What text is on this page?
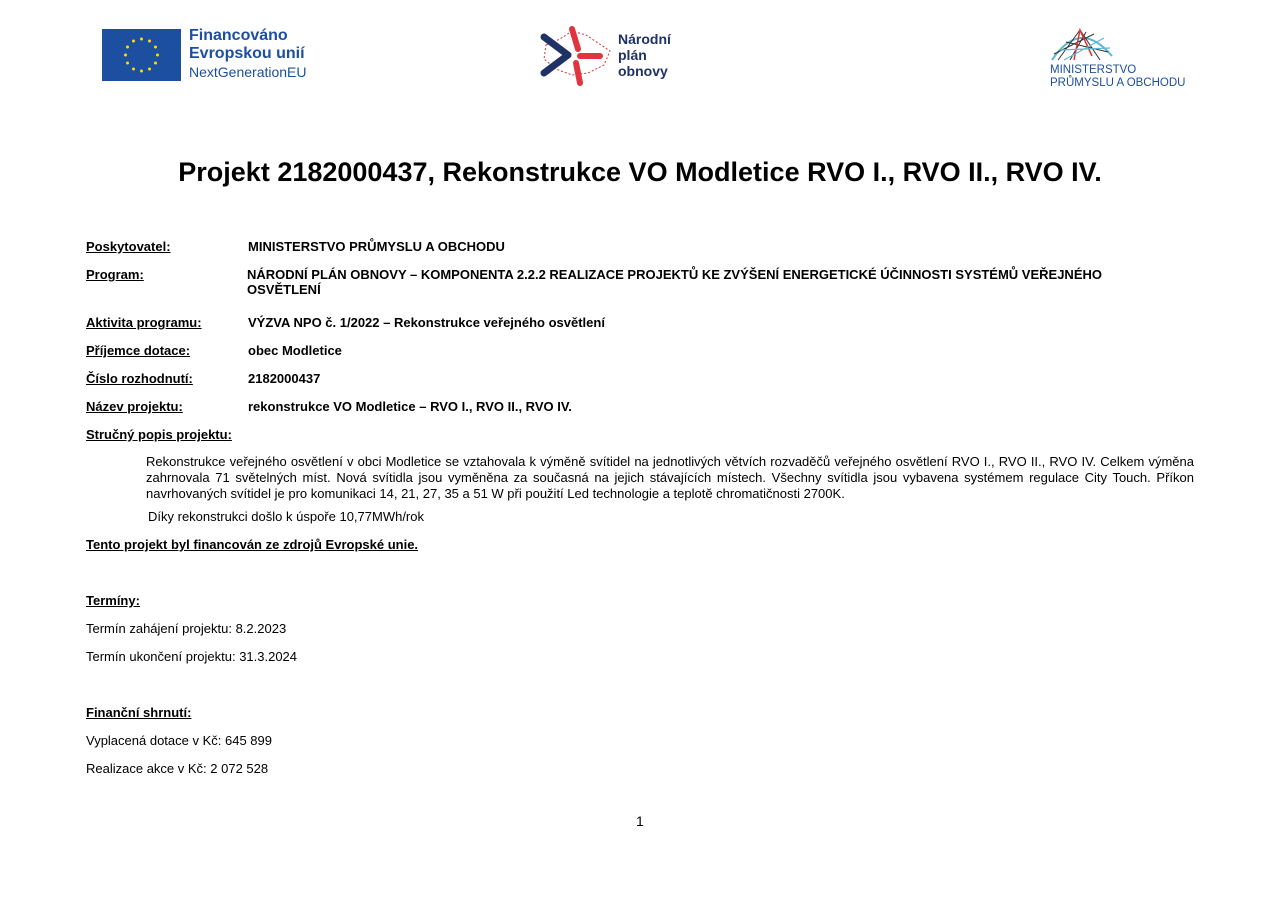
Financováno
Evropskou unií
NextGenerationEU
Národní
plán
obnovy	MINISTERSTVO
PRŮMYSLU A OBCHODU
Projekt 2182000437, Rekonstrukce VO Modletice RVO I., RVO II., RVO IV.
Poskytovatel:	MINISTERSTVO PRŮMYSLU A OBCHODU
Program:	NÁRODNÍ PLÁN OBNOVY – KOMPONENTA 2.2.2 REALIZACE PROJEKTŮ KE ZVÝŠENÍ ENERGETICKÉ ÚČINNOSTI SYSTÉMŮ VEŘEJNÉHO OSVĚTLENÍ
Aktivita programu:	VÝZVA NPO č. 1/2022 – Rekonstrukce veřejného osvětlení
Příjemce dotace:	obec Modletice
Číslo rozhodnutí:	2182000437
Název projektu:	rekonstrukce VO Modletice – RVO I., RVO II., RVO IV.
Stručný popis projektu:
Rekonstrukce veřejného osvětlení v obci Modletice se vztahovala k výměně svítidel na jednotlivých větvích rozvaděčů veřejného osvětlení RVO I., RVO II., RVO IV. Celkem výměna zahrnovala 71 světelných míst. Nová svítidla jsou vyměněna za současná na jejich stávajících místech. Všechny svítidla jsou vybavena systémem regulace City Touch. Příkon navrhovaných svítidel je pro komunikaci 14, 21, 27, 35 a 51 W při použití Led technologie a teplotě chromatičnosti 2700K.
Díky rekonstrukci došlo k úspoře 10,77MWh/rok
Tento projekt byl financován ze zdrojů Evropské unie.
Termíny:
Termín zahájení projektu: 8.2.2023
Termín ukončení projektu: 31.3.2024
Finanční shrnutí:
Vyplacená dotace v Kč: 645 899
Realizace akce v Kč: 2 072 528
1
